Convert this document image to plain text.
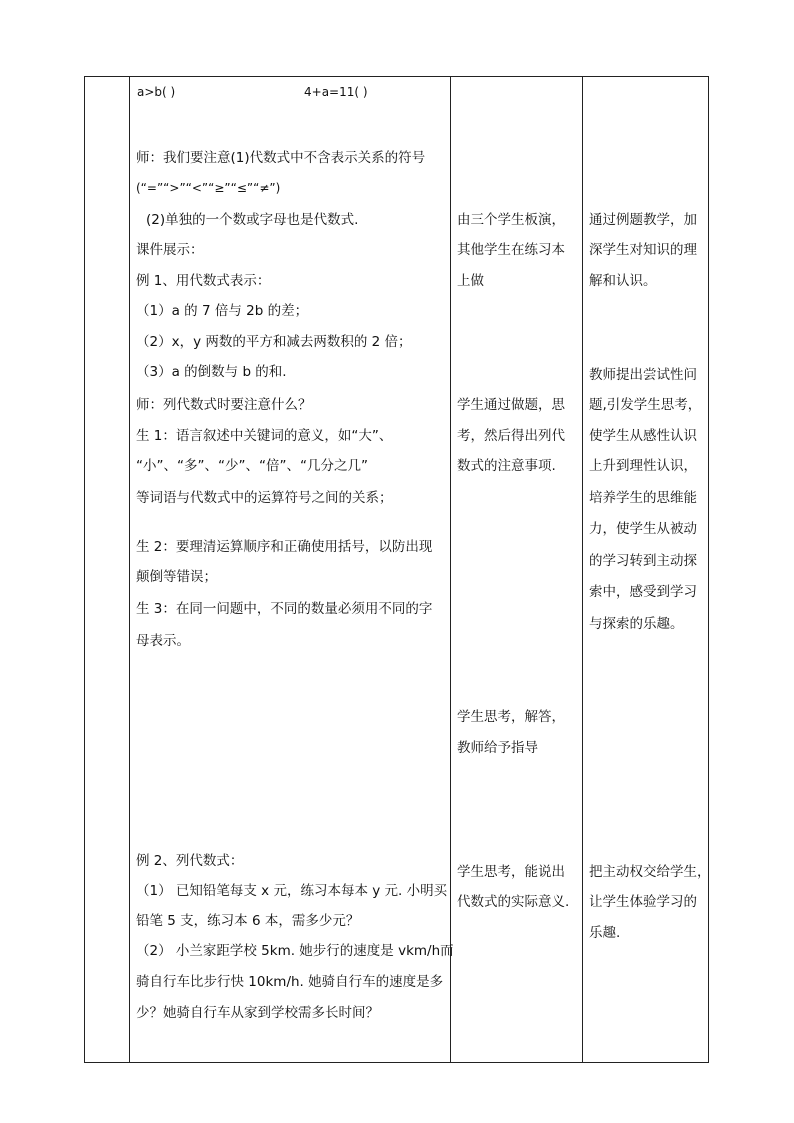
a>b( )	4+a=11( )
师：我们要注意(1)代数式中不含表示关系的符号
(“=”“>”“<”“≥”“≤”“≠”)
(2)单独的一个数或字母也是代数式.
课件展示：
例 1、用代数式表示：
（1）a 的 7 倍与 2b 的差；
（2）x，y 两数的平方和减去两数积的 2 倍；
（3）a 的倒数与 b 的和.
师：列代数式时要注意什么？
生 1：语言叙述中关键词的意义，如“大”、
“小”、“多”、“少”、“倍”、“几分之几”
等词语与代数式中的运算符号之间的关系；
生 2：要理清运算顺序和正确使用括号，以防出现
颠倒等错误；
生 3：在同一问题中，不同的数量必须用不同的字
母表示。
例 2、列代数式：
（1） 已知铅笔每支 x 元，练习本每本 y 元. 小明买
铅笔 5 支，练习本 6 本，需多少元？
（2） 小兰家距学校 5km. 她步行的速度是 vkm/h而
骑自行车比步行快 10km/h. 她骑自行车的速度是多
少？她骑自行车从家到学校需多长时间？
由三个学生板演，
其他学生在练习本
上做
学生通过做题，思
考，然后得出列代
数式的注意事项.
学生思考，解答，
教师给予指导
学生思考，能说出
代数式的实际意义.
通过例题教学，加
深学生对知识的理
解和认识。
教师提出尝试性问
题,引发学生思考，
使学生从感性认识
上升到理性认识，
培养学生的思维能
力，使学生从被动
的学习转到主动探
索中，感受到学习
与探索的乐趣。
把主动权交给学生，
让学生体验学习的
乐趣.
